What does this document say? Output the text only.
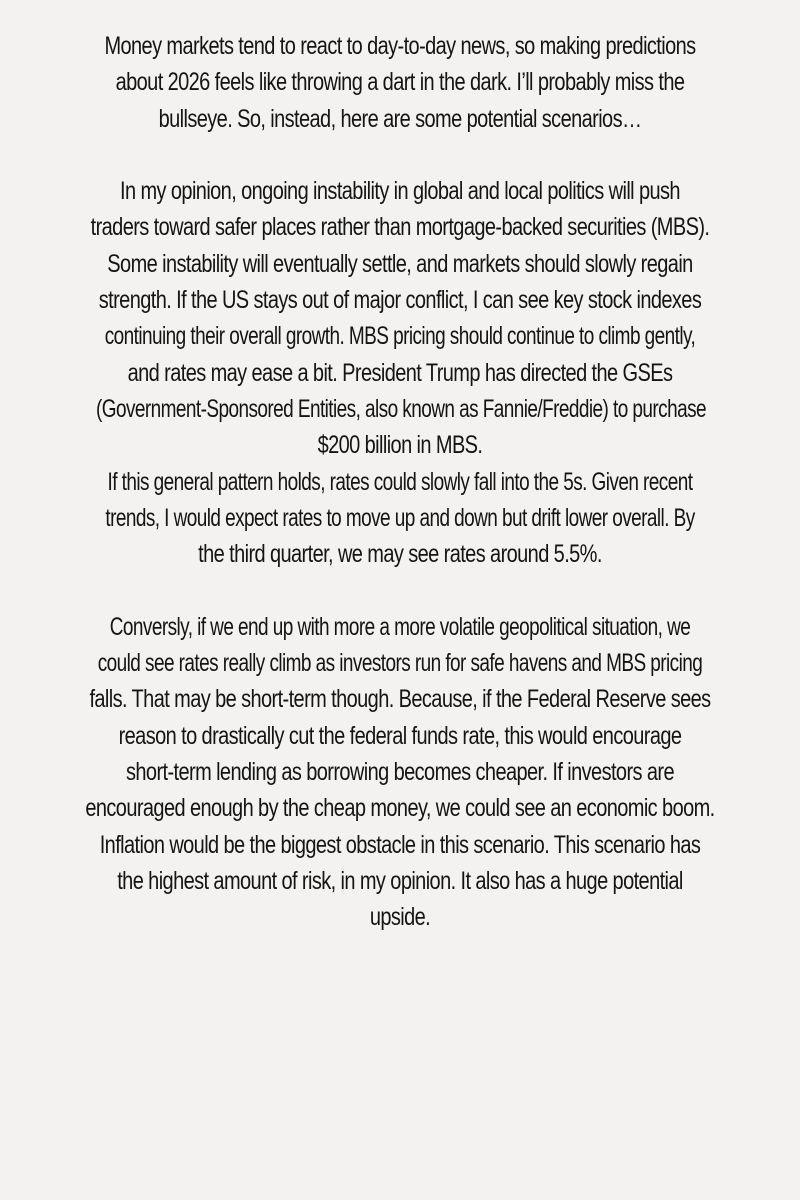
Money markets tend to react to day-to-day news, so making predictions
about 2026 feels like throwing a dart in the dark. I’ll probably miss the
bullseye. So, instead, here are some potential scenarios…
In my opinion, ongoing instability in global and local politics will push
traders toward safer places rather than mortgage-backed securities (MBS).
Some instability will eventually settle, and markets should slowly regain
strength. If the US stays out of major conflict, I can see key stock indexes
continuing their overall growth. MBS pricing should continue to climb gently,
and rates may ease a bit. President Trump has directed the GSEs
(Government-Sponsored Entities, also known as Fannie/Freddie) to purchase
$200 billion in MBS.
If this general pattern holds, rates could slowly fall into the 5s. Given recent
trends, I would expect rates to move up and down but drift lower overall. By
the third quarter, we may see rates around 5.5%.
Conversly, if we end up with more a more volatile geopolitical situation, we
could see rates really climb as investors run for safe havens and MBS pricing
falls. That may be short-term though. Because, if the Federal Reserve sees
reason to drastically cut the federal funds rate, this would encourage
short-term lending as borrowing becomes cheaper. If investors are
encouraged enough by the cheap money, we could see an economic boom.
Inflation would be the biggest obstacle in this scenario. This scenario has
the highest amount of risk, in my opinion. It also has a huge potential
upside.
